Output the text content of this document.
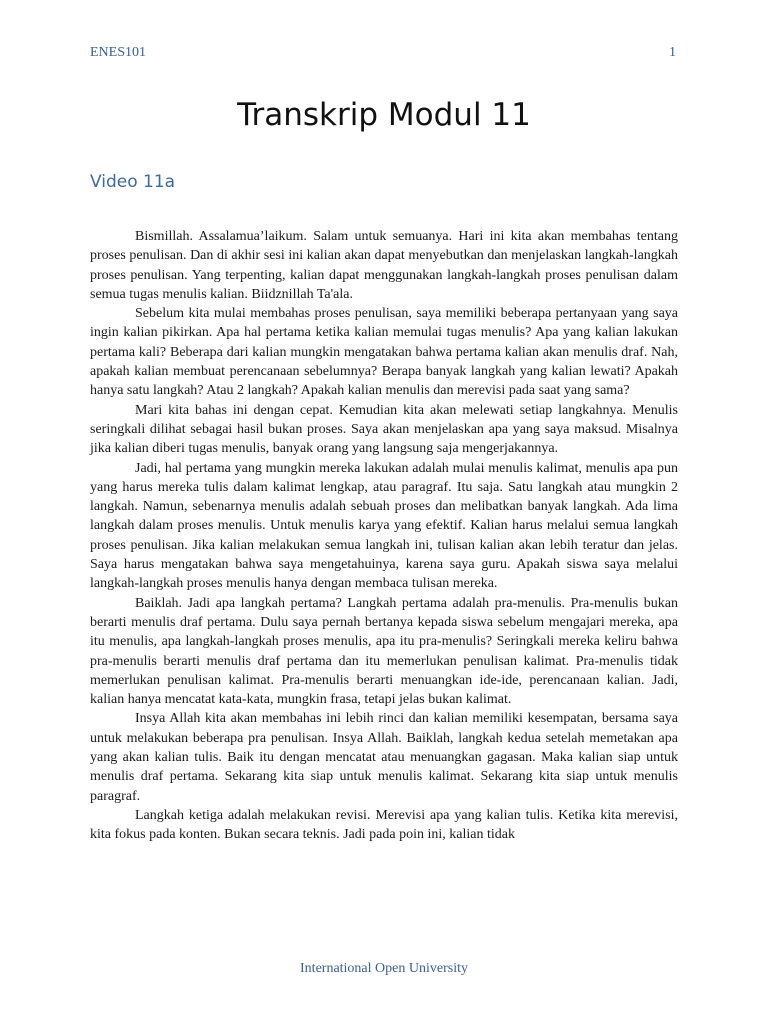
ENES101	1
Transkrip Modul 11
Video 11a

Bismillah. Assalamua’laikum. Salam untuk semuanya. Hari ini kita akan membahas tentang proses penulisan. Dan di akhir sesi ini kalian akan dapat menyebutkan dan menjelaskan langkah-langkah proses penulisan. Yang terpenting, kalian dapat menggunakan langkah-langkah proses penulisan dalam semua tugas menulis kalian. Biidznillah Ta'ala.

Sebelum kita mulai membahas proses penulisan, saya memiliki beberapa pertanyaan yang saya ingin kalian pikirkan. Apa hal pertama ketika kalian memulai tugas menulis? Apa yang kalian lakukan pertama kali? Beberapa dari kalian mungkin mengatakan bahwa pertama kalian akan menulis draf. Nah, apakah kalian membuat perencanaan sebelumnya? Berapa banyak langkah yang kalian lewati? Apakah hanya satu langkah? Atau 2 langkah? Apakah kalian menulis dan merevisi pada saat yang sama?

Mari kita bahas ini dengan cepat. Kemudian kita akan melewati setiap langkahnya. Menulis seringkali dilihat sebagai hasil bukan proses. Saya akan menjelaskan apa yang saya maksud. Misalnya jika kalian diberi tugas menulis, banyak orang yang langsung saja mengerjakannya.

Jadi, hal pertama yang mungkin mereka lakukan adalah mulai menulis kalimat, menulis apa pun yang harus mereka tulis dalam kalimat lengkap, atau paragraf. Itu saja. Satu langkah atau mungkin 2 langkah. Namun, sebenarnya menulis adalah sebuah proses dan melibatkan banyak langkah. Ada lima langkah dalam proses menulis. Untuk menulis karya yang efektif. Kalian harus melalui semua langkah proses penulisan. Jika kalian melakukan semua langkah ini, tulisan kalian akan lebih teratur dan jelas. Saya harus mengatakan bahwa saya mengetahuinya, karena saya guru. Apakah siswa saya melalui langkah-langkah proses menulis hanya dengan membaca tulisan mereka.

Baiklah. Jadi apa langkah pertama? Langkah pertama adalah pra-menulis. Pra-menulis bukan berarti menulis draf pertama. Dulu saya pernah bertanya kepada siswa sebelum mengajari mereka, apa itu menulis, apa langkah-langkah proses menulis, apa itu pra-menulis? Seringkali mereka keliru bahwa pra-menulis berarti menulis draf pertama dan itu memerlukan penulisan kalimat. Pra-menulis tidak memerlukan penulisan kalimat. Pra-menulis berarti menuangkan ide-ide, perencanaan kalian. Jadi, kalian hanya mencatat kata-kata, mungkin frasa, tetapi jelas bukan kalimat.

Insya Allah kita akan membahas ini lebih rinci dan kalian memiliki kesempatan, bersama saya untuk melakukan beberapa pra penulisan. Insya Allah. Baiklah, langkah kedua setelah memetakan apa yang akan kalian tulis. Baik itu dengan mencatat atau menuangkan gagasan. Maka kalian siap untuk menulis draf pertama. Sekarang kita siap untuk menulis kalimat. Sekarang kita siap untuk menulis paragraf.

Langkah ketiga adalah melakukan revisi. Merevisi apa yang kalian tulis. Ketika kita merevisi, kita fokus pada konten. Bukan secara teknis. Jadi pada poin ini, kalian tidak

International Open University
